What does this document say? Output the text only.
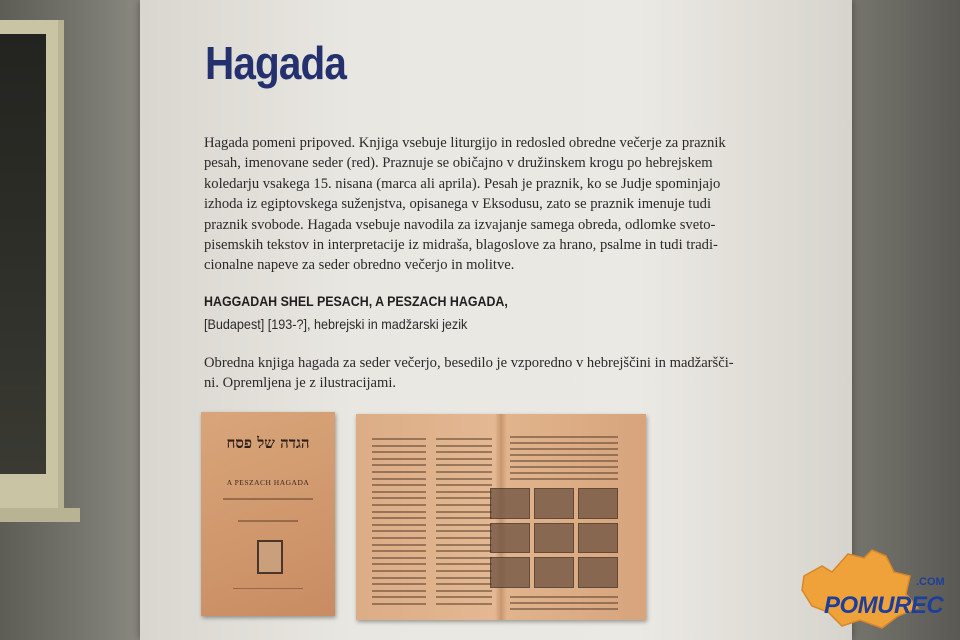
Hagada
Hagada pomeni pripoved. Knjiga vsebuje liturgijo in redosled obredne večerje za praznik
pesah, imenovane seder (red). Praznuje se običajno v družinskem krogu po hebrejskem
koledarju vsakega 15. nisana (marca ali aprila). Pesah je praznik, ko se Judje spominjajo
izhoda iz egiptovskega suženjstva, opisanega v Eksodusu, zato se praznik imenuje tudi
praznik svobode. Hagada vsebuje navodila za izvajanje samega obreda, odlomke sveto-
pisemskih tekstov in interpretacije iz midraša, blagoslove za hrano, psalme in tudi tradi-
cionalne napeve za seder obredno večerjo in molitve.
HAGGADAH SHEL PESACH, A PESZACH HAGADA,
[Budapest] [193-?], hebrejski in madžarski jezik
Obredna knjiga hagada za seder večerjo, besedilo je vzporedno v hebrejščini in madžaršči-
ni. Opremljena je z ilustracijami.
הגדה של פסח
A PESZACH HAGADA
.COM
POMUREC
